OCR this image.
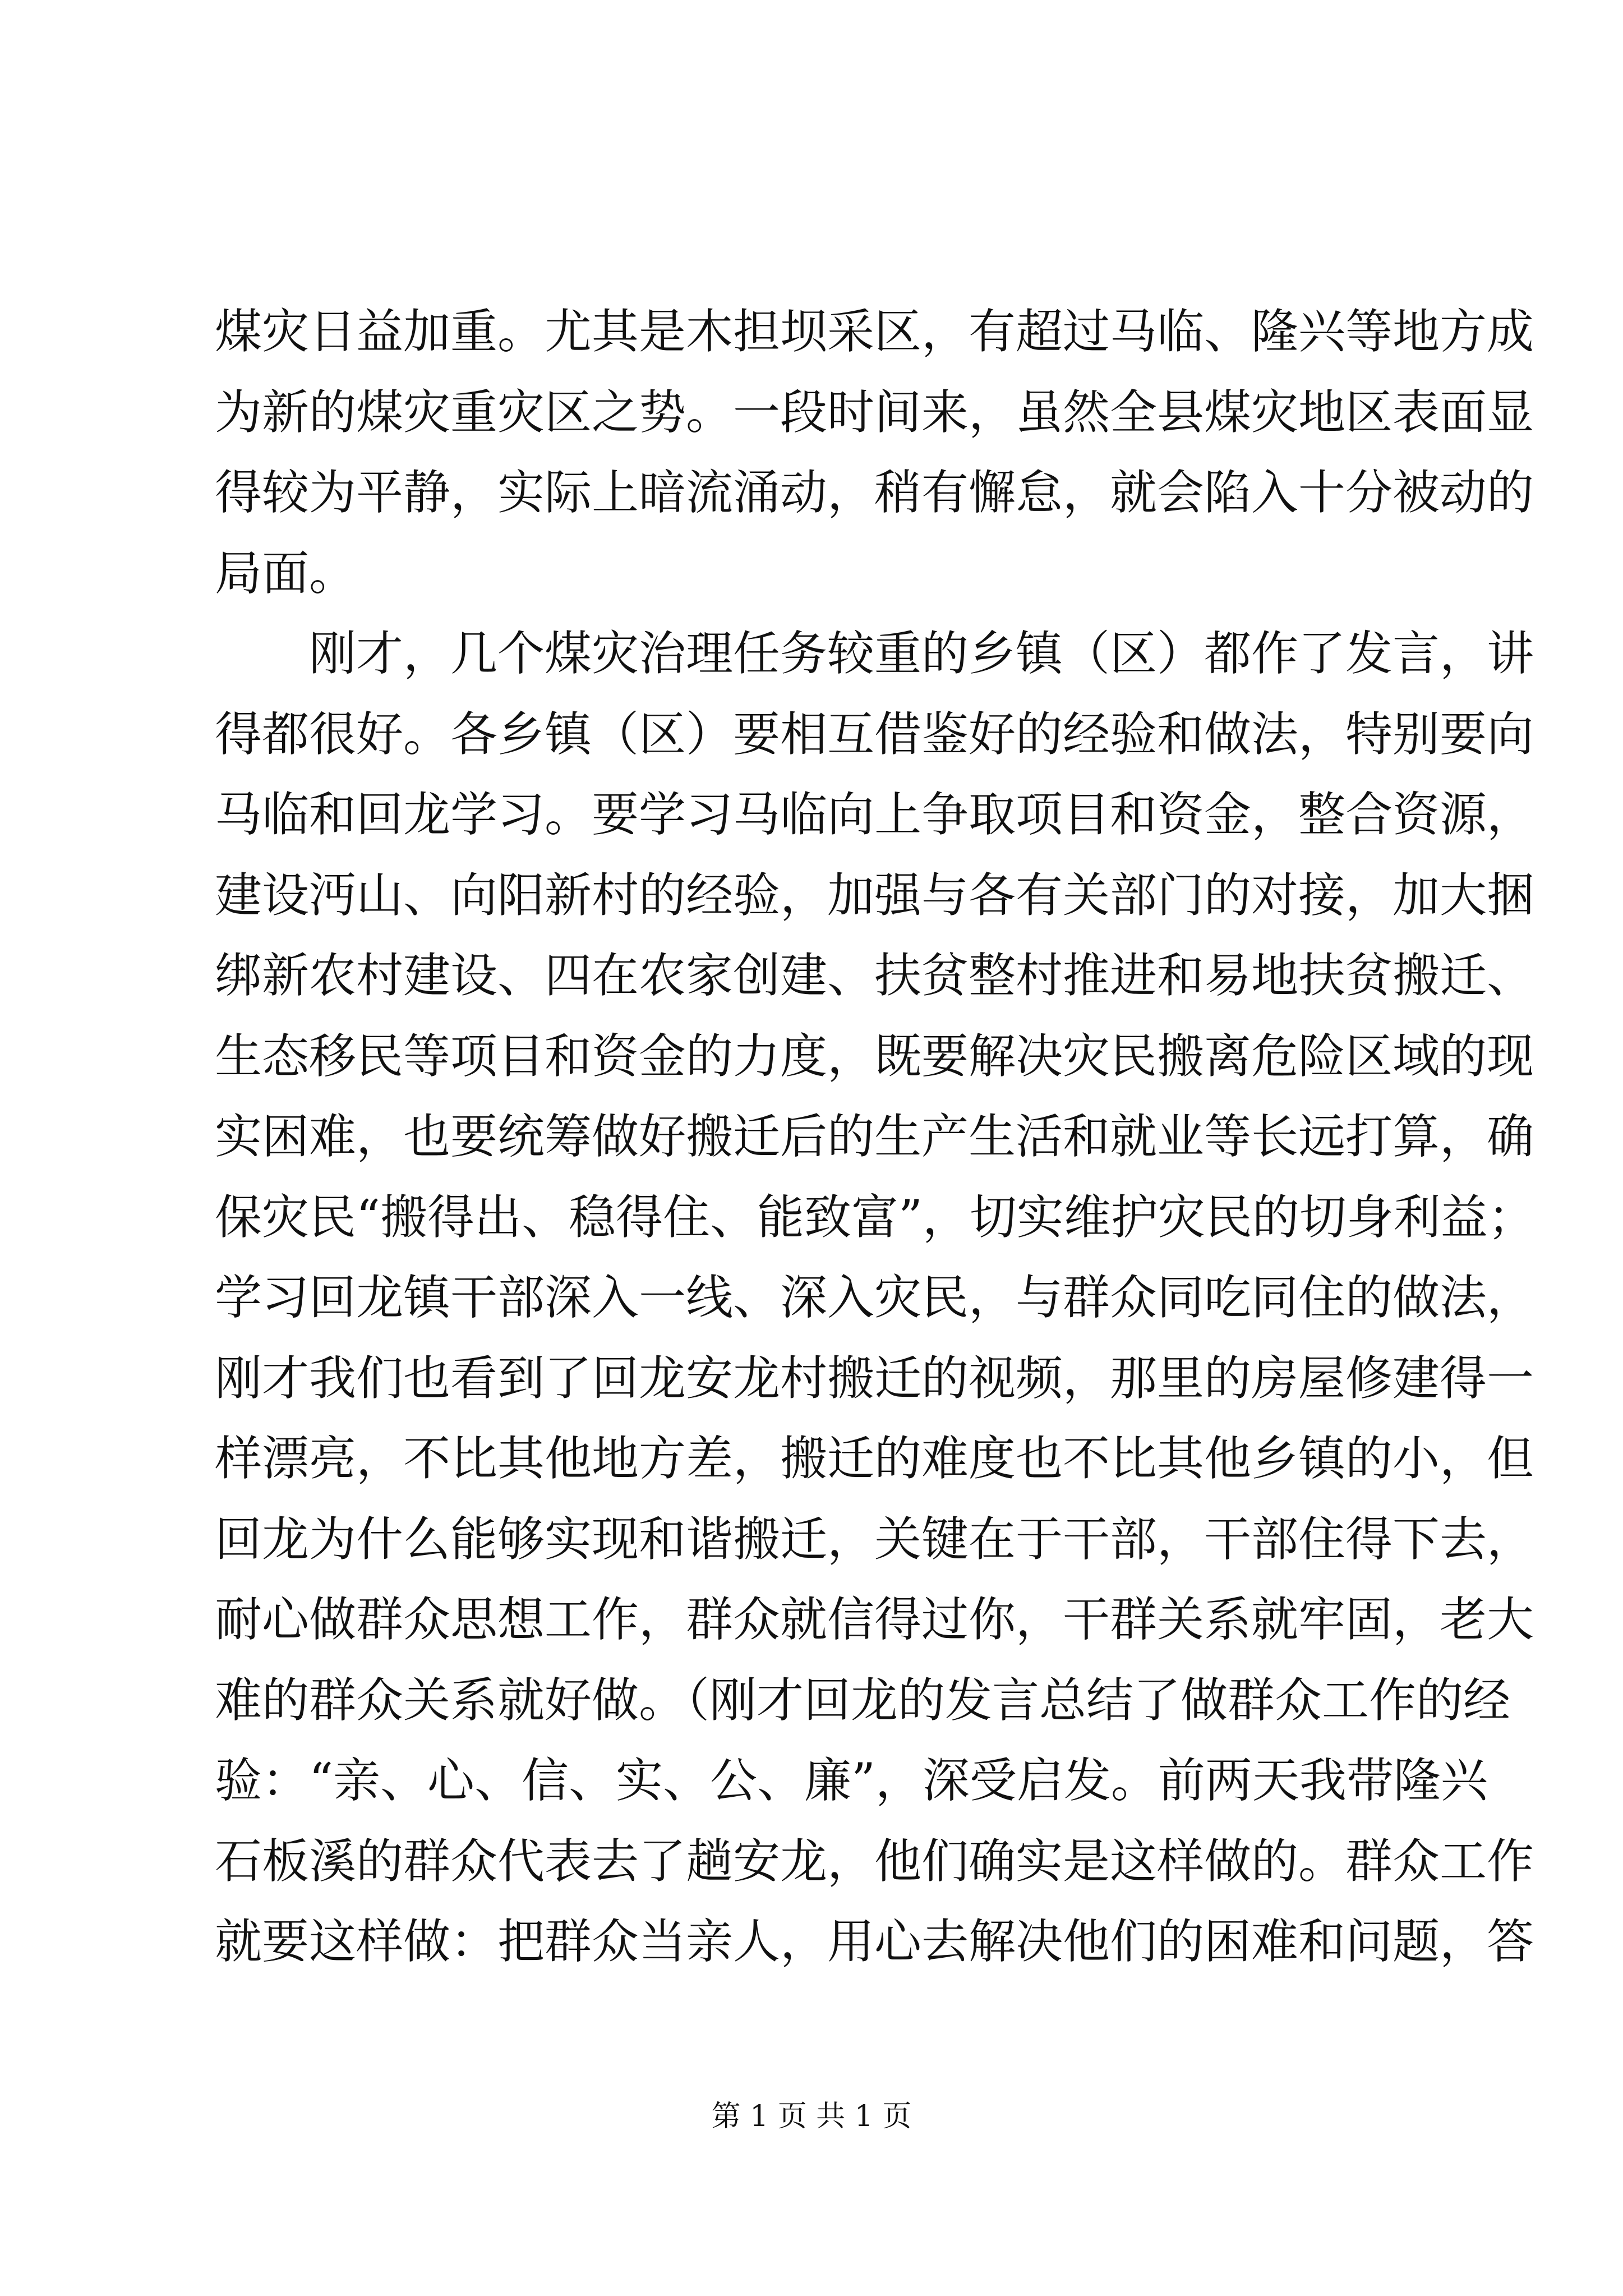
煤灾日益加重。尤其是木担坝采区，有超过马临、隆兴等地方成
为新的煤灾重灾区之势。一段时间来，虽然全县煤灾地区表面显
得较为平静，实际上暗流涌动，稍有懈怠，就会陷入十分被动的
局面。
刚才，几个煤灾治理任务较重的乡镇（区）都作了发言，讲
得都很好。各乡镇（区）要相互借鉴好的经验和做法，特别要向
马临和回龙学习。要学习马临向上争取项目和资金，整合资源，
建设沔山、向阳新村的经验，加强与各有关部门的对接，加大捆
绑新农村建设、四在农家创建、扶贫整村推进和易地扶贫搬迁、
生态移民等项目和资金的力度，既要解决灾民搬离危险区域的现
实困难，也要统筹做好搬迁后的生产生活和就业等长远打算，确
保灾民“搬得出、稳得住、能致富”，切实维护灾民的切身利益；
学习回龙镇干部深入一线、深入灾民，与群众同吃同住的做法，
刚才我们也看到了回龙安龙村搬迁的视频，那里的房屋修建得一
样漂亮，不比其他地方差，搬迁的难度也不比其他乡镇的小，但
回龙为什么能够实现和谐搬迁，关键在于干部，干部住得下去，
耐心做群众思想工作，群众就信得过你，干群关系就牢固，老大
难的群众关系就好做。（刚才回龙的发言总结了做群众工作的经
验：“亲、心、信、实、公、廉”，深受启发。前两天我带隆兴
石板溪的群众代表去了趟安龙，他们确实是这样做的。群众工作
就要这样做：把群众当亲人，用心去解决他们的困难和问题，答
第 1 页 共 1 页
